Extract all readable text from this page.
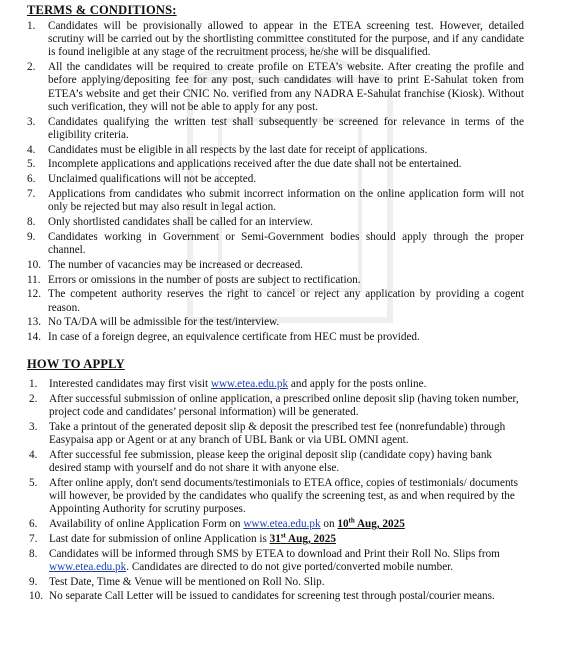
TERMS & CONDITIONS:
1.	Candidates will be provisionally allowed to appear in the ETEA screening test. However, detailed scrutiny will be carried out by the shortlisting committee constituted for the purpose, and if any candidate is found ineligible at any stage of the recruitment process, he/she will be disqualified.
2.	All the candidates will be required to create profile on ETEA’s website. After creating the profile and before applying/depositing fee for any post, such candidates will have to print E-Sahulat token from ETEA’s website and get their CNIC No. verified from any NADRA E-Sahulat franchise (Kiosk). Without such verification, they will not be able to apply for any post.
3.	Candidates qualifying the written test shall subsequently be screened for relevance in terms of the eligibility criteria.
4.	Candidates must be eligible in all respects by the last date for receipt of applications.
5.	Incomplete applications and applications received after the due date shall not be entertained.
6.	Unclaimed qualifications will not be accepted.
7.	Applications from candidates who submit incorrect information on the online application form will not only be rejected but may also result in legal action.
8.	Only shortlisted candidates shall be called for an interview.
9.	Candidates working in Government or Semi-Government bodies should apply through the proper channel.
10. The number of vacancies may be increased or decreased.
11. Errors or omissions in the number of posts are subject to rectification.
12. The competent authority reserves the right to cancel or reject any application by providing a cogent reason.
13. No TA/DA will be admissible for the test/interview.
14. In case of a foreign degree, an equivalence certificate from HEC must be provided.
HOW TO APPLY
1.	Interested candidates may first visit www.etea.edu.pk and apply for the posts online.
2.	After successful submission of online application, a prescribed online deposit slip (having token number, project code and candidates’ personal information) will be generated.
3.	Take a printout of the generated deposit slip & deposit the prescribed test fee (nonrefundable) through Easypaisa app or Agent or at any branch of UBL Bank or via UBL OMNI agent.
4.	After successful fee submission, please keep the original deposit slip (candidate copy) having bank desired stamp with yourself and do not share it with anyone else.
5.	After online apply, don't send documents/testimonials to ETEA office, copies of testimonials/ documents will however, be provided by the candidates who qualify the screening test, as and when required by the Appointing Authority for scrutiny purposes.
6.	Availability of online Application Form on www.etea.edu.pk on 10th Aug, 2025
7.	Last date for submission of online Application is 31st Aug, 2025
8.	Candidates will be informed through SMS by ETEA to download and Print their Roll No. Slips from www.etea.edu.pk. Candidates are directed to do not give ported/converted mobile number.
9.	Test Date, Time & Venue will be mentioned on Roll No. Slip.
10. No separate Call Letter will be issued to candidates for screening test through postal/courier means.
